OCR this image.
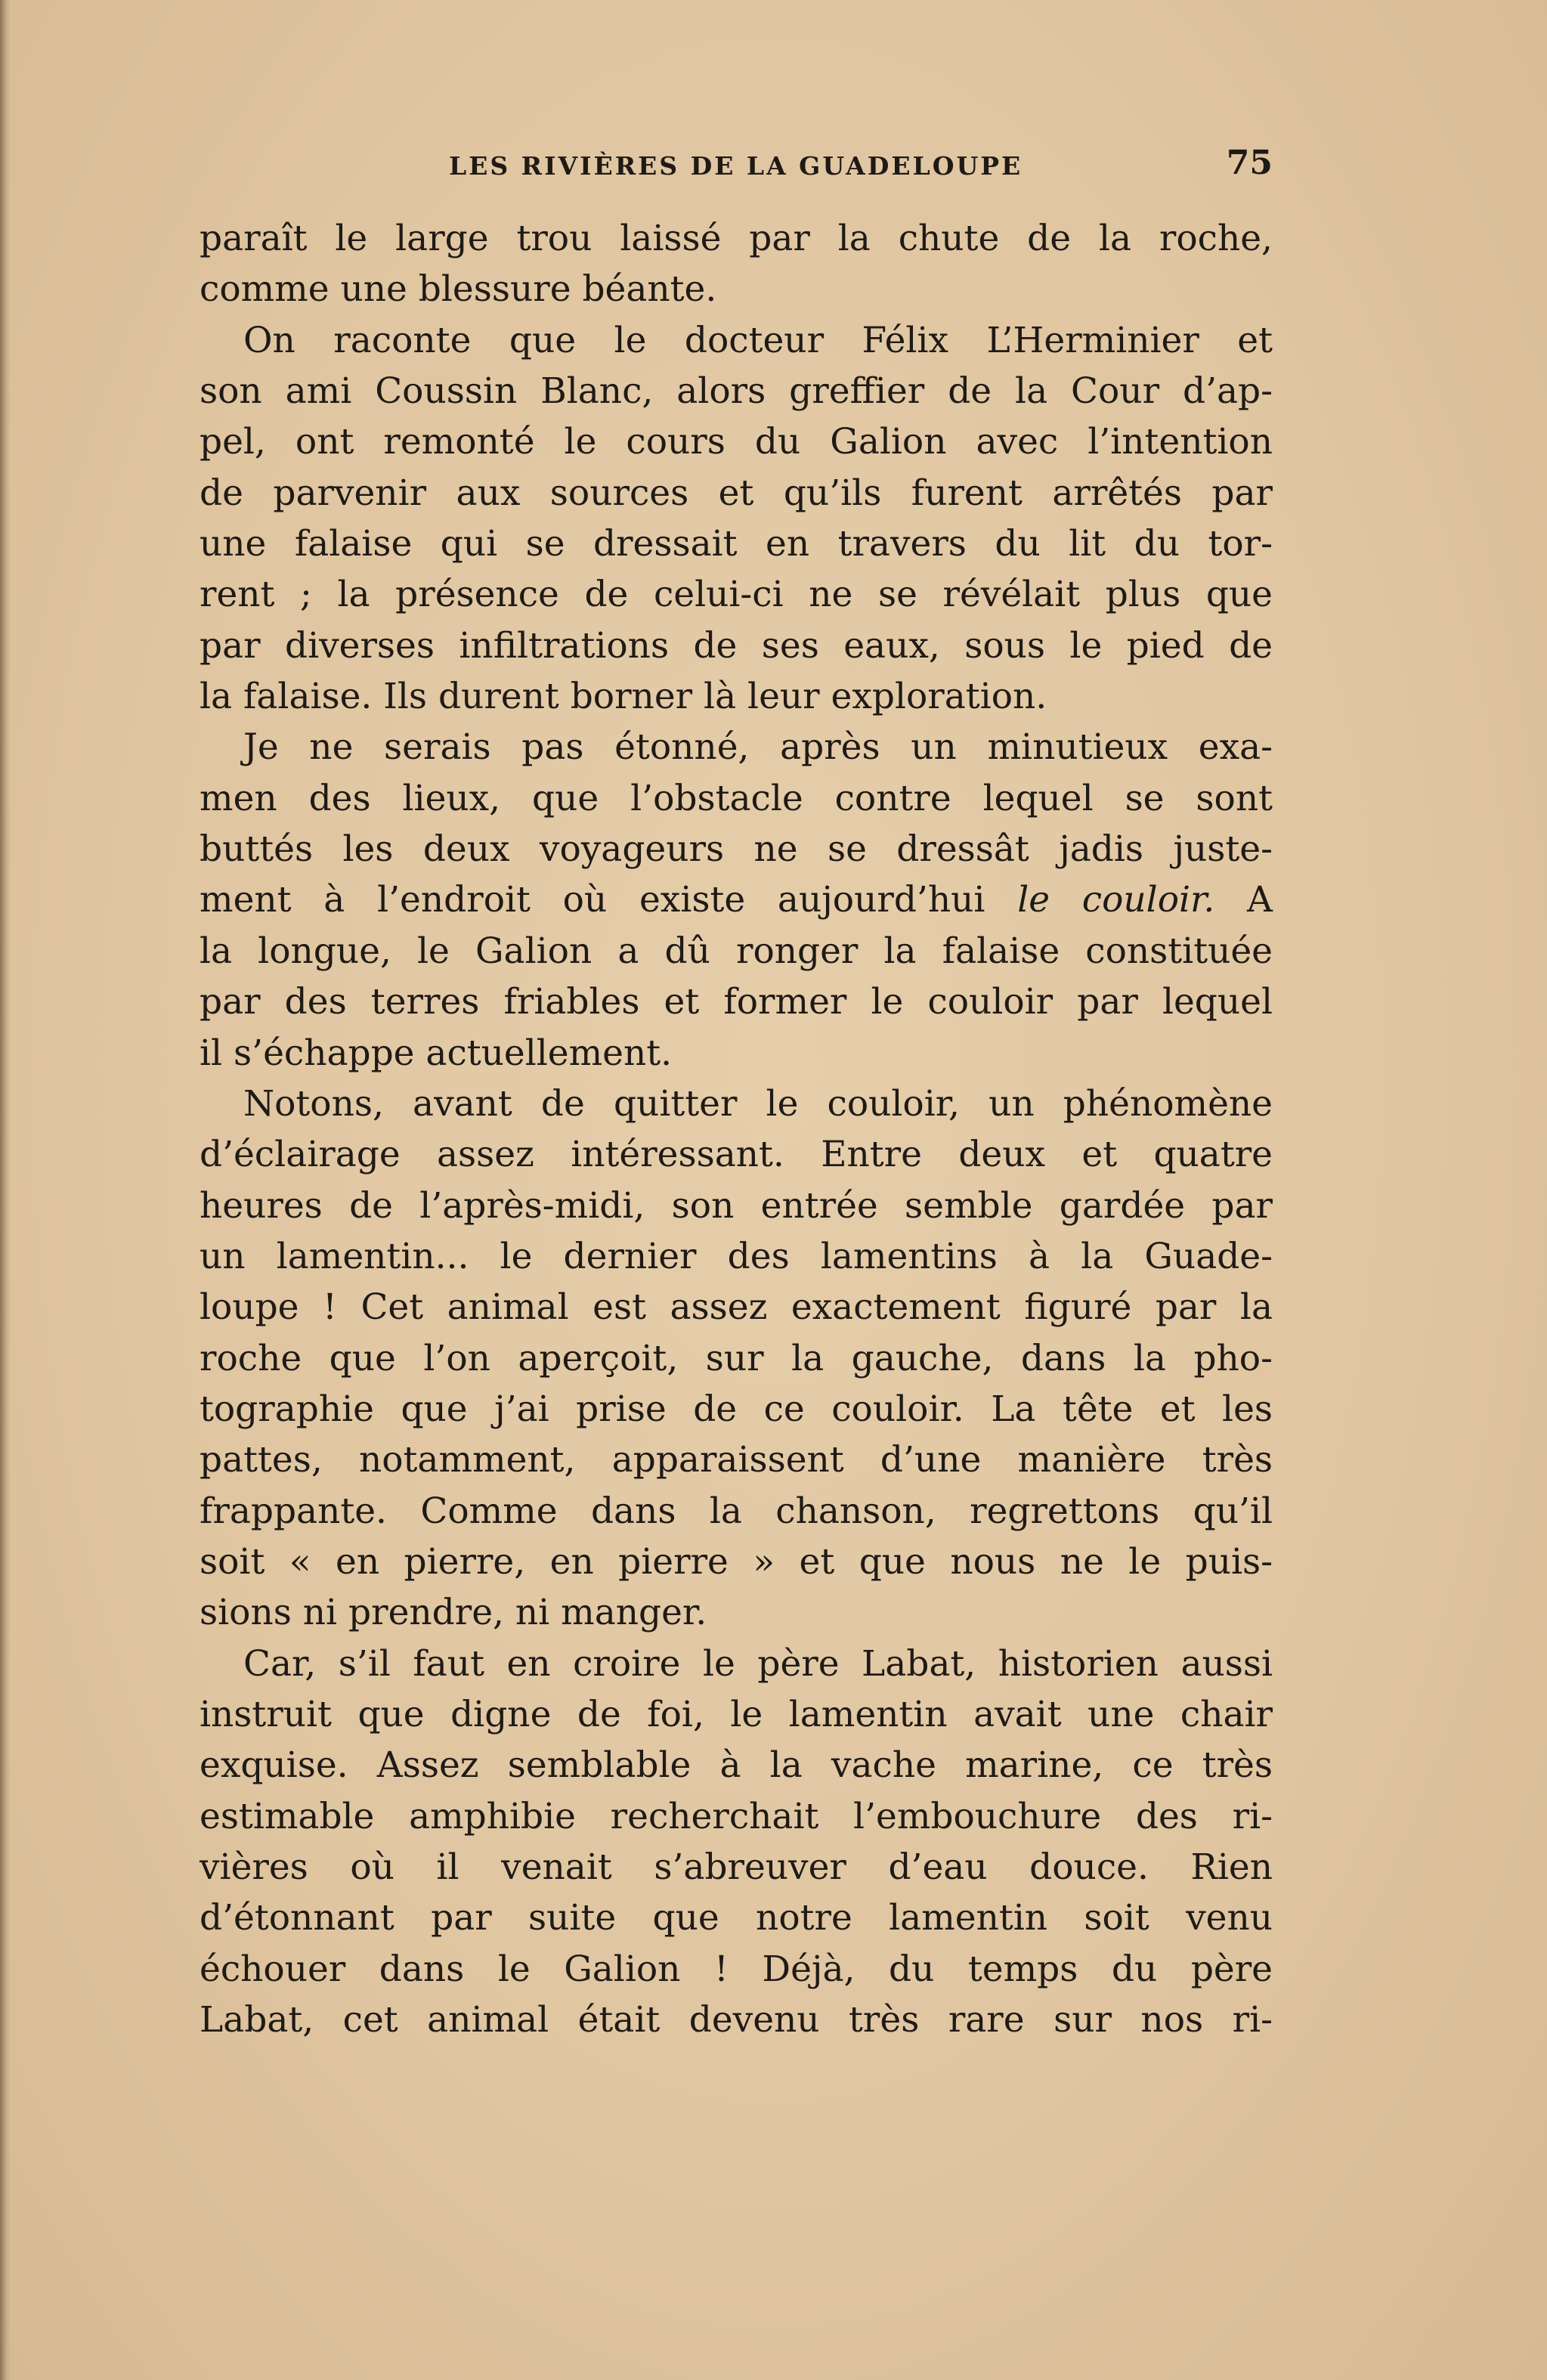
LES RIVIÈRES DE LA GUADELOUPE	75
paraît le large trou laissé par la chute de la roche,
comme une blessure béante.
On raconte que le docteur Félix L’Herminier et
son ami Coussin Blanc, alors greffier de la Cour d’ap-
pel, ont remonté le cours du Galion avec l’intention
de parvenir aux sources et qu’ils furent arrêtés par
une falaise qui se dressait en travers du lit du tor-
rent ; la présence de celui-ci ne se révélait plus que
par diverses infiltrations de ses eaux, sous le pied de
la falaise. Ils durent borner là leur exploration.
Je ne serais pas étonné, après un minutieux exa-
men des lieux, que l’obstacle contre lequel se sont
buttés les deux voyageurs ne se dressât jadis juste-
ment à l’endroit où existe aujourd’hui le couloir. A
la longue, le Galion a dû ronger la falaise constituée
par des terres friables et former le couloir par lequel
il s’échappe actuellement.
Notons, avant de quitter le couloir, un phénomène
d’éclairage assez intéressant. Entre deux et quatre
heures de l’après-midi, son entrée semble gardée par
un lamentin... le dernier des lamentins à la Guade-
loupe ! Cet animal est assez exactement figuré par la
roche que l’on aperçoit, sur la gauche, dans la pho-
tographie que j’ai prise de ce couloir. La tête et les
pattes, notamment, apparaissent d’une manière très
frappante. Comme dans la chanson, regrettons qu’il
soit « en pierre, en pierre » et que nous ne le puis-
sions ni prendre, ni manger.
Car, s’il faut en croire le père Labat, historien aussi
instruit que digne de foi, le lamentin avait une chair
exquise. Assez semblable à la vache marine, ce très
estimable amphibie recherchait l’embouchure des ri-
vières où il venait s’abreuver d’eau douce. Rien
d’étonnant par suite que notre lamentin soit venu
échouer dans le Galion ! Déjà, du temps du père
Labat, cet animal était devenu très rare sur nos ri-
